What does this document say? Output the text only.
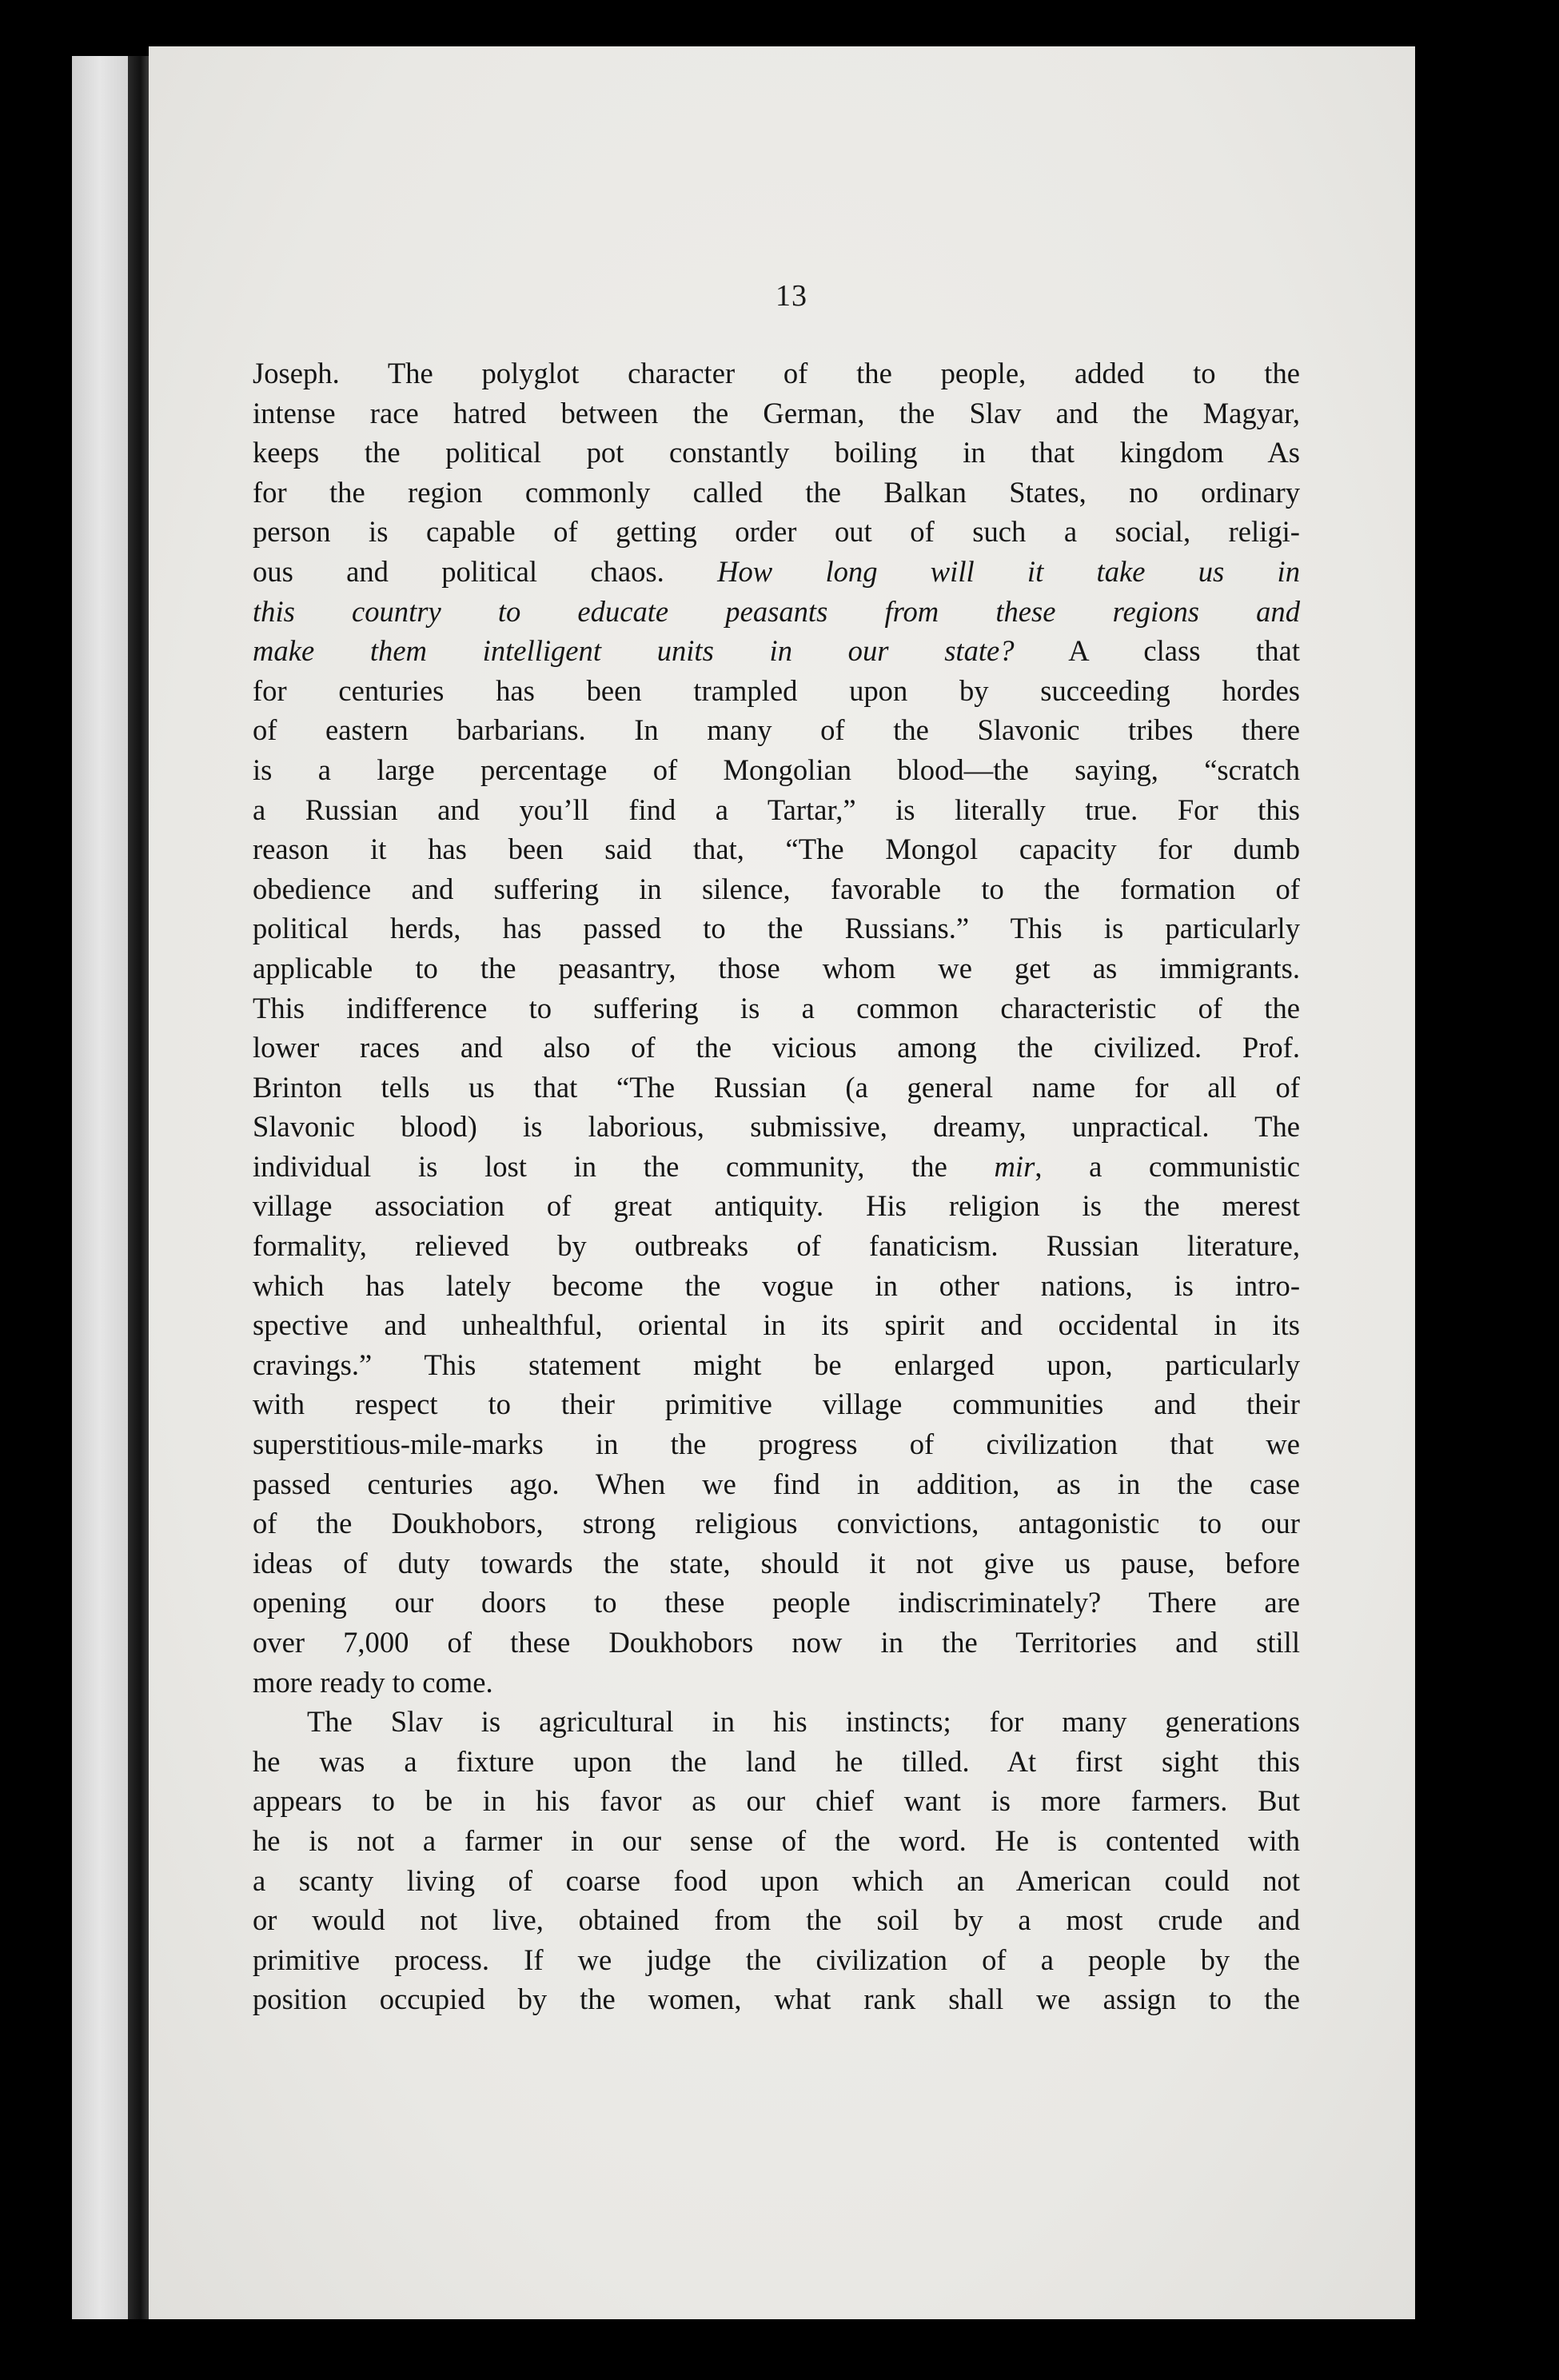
13
Joseph. The polyglot character of the people, added to the
intense race hatred between the German, the Slav and the Magyar,
keeps the political pot constantly boiling in that kingdom As
for the region commonly called the Balkan States, no ordinary
person is capable of getting order out of such a social, religi-
ous and political chaos. How long will it take us in
this country to educate peasants from these regions and
make them intelligent units in our state? A class that
for centuries has been trampled upon by succeeding hordes
of eastern barbarians. In many of the Slavonic tribes there
is a large percentage of Mongolian blood—the saying, “scratch
a Russian and you’ll find a Tartar,” is literally true. For this
reason it has been said that, “The Mongol capacity for dumb
obedience and suffering in silence, favorable to the formation of
political herds, has passed to the Russians.” This is particularly
applicable to the peasantry, those whom we get as immigrants.
This indifference to suffering is a common characteristic of the
lower races and also of the vicious among the civilized. Prof.
Brinton tells us that “The Russian (a general name for all of
Slavonic blood) is laborious, submissive, dreamy, unpractical. The
individual is lost in the community, the mir, a communistic
village association of great antiquity. His religion is the merest
formality, relieved by outbreaks of fanaticism. Russian literature,
which has lately become the vogue in other nations, is intro-
spective and unhealthful, oriental in its spirit and occidental in its
cravings.” This statement might be enlarged upon, particularly
with respect to their primitive village communities and their
superstitious-mile-marks in the progress of civilization that we
passed centuries ago. When we find in addition, as in the case
of the Doukhobors, strong religious convictions, antagonistic to our
ideas of duty towards the state, should it not give us pause, before
opening our doors to these people indiscriminately? There are
over 7,000 of these Doukhobors now in the Territories and still
more ready to come.
The Slav is agricultural in his instincts; for many generations
he was a fixture upon the land he tilled. At first sight this
appears to be in his favor as our chief want is more farmers. But
he is not a farmer in our sense of the word. He is contented with
a scanty living of coarse food upon which an American could not
or would not live, obtained from the soil by a most crude and
primitive process. If we judge the civilization of a people by the
position occupied by the women, what rank shall we assign to the
